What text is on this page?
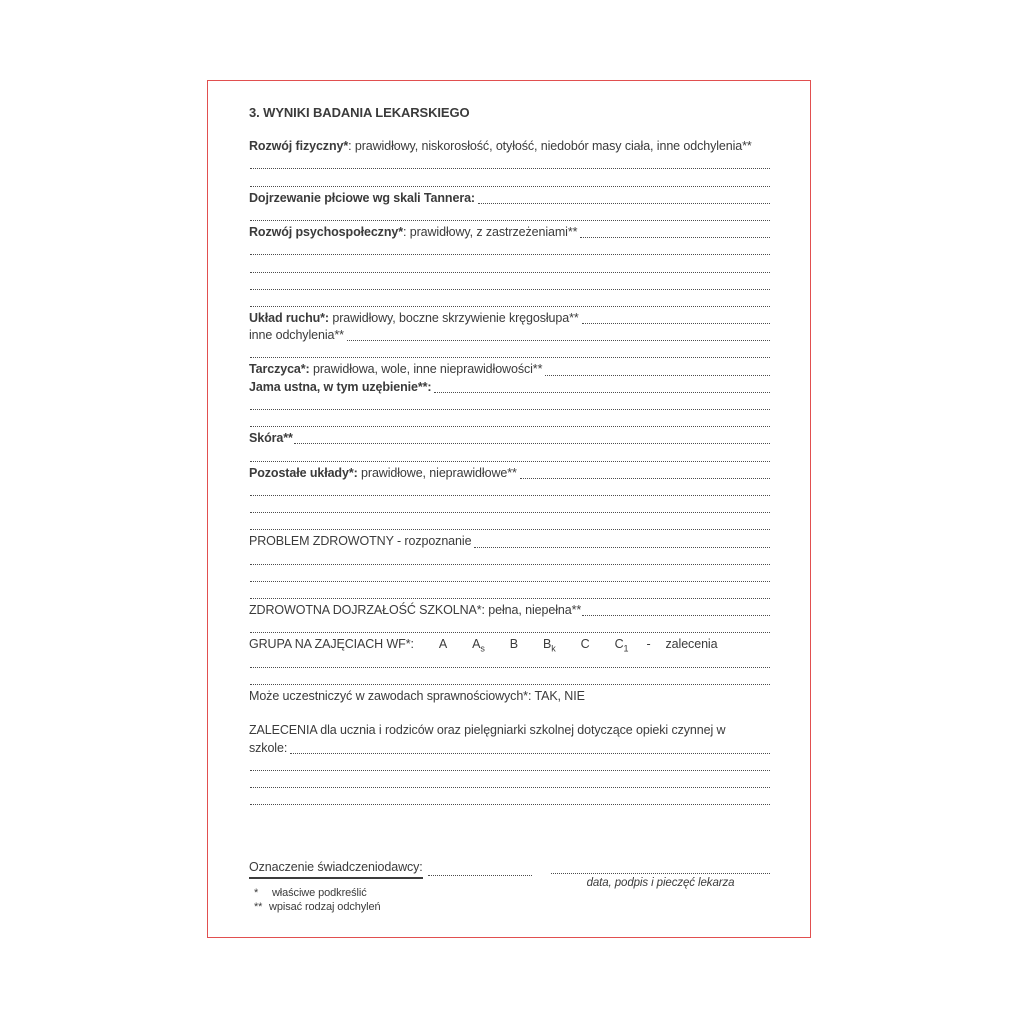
3. WYNIKI BADANIA LEKARSKIEGO
Rozwój fizyczny* : prawidłowy, niskorosłość, otyłość, niedobór masy ciała, inne odchylenia**
Dojrzewanie płciowe wg skali Tannera:
Rozwój psychospołeczny* : prawidłowy, z zastrzeżeniami**
Układ ruchu*: prawidłowy, boczne skrzywienie kręgosłupa**
inne odchylenia**
Tarczyca*: prawidłowa, wole, inne nieprawidłowości**
Jama ustna, w tym uzębienie**:
Skóra**
Pozostałe układy*: prawidłowe, nieprawidłowe**
PROBLEM ZDROWOTNY - rozpoznanie
ZDROWOTNA DOJRZAŁOŚĆ SZKOLNA*: pełna, niepełna**
GRUPA NA ZAJĘCIACH WF*: A $A_s$ B $B_k$ C $C_1$ - zalecenia
Może uczestniczyć w zawodach sprawnościowych*: TAK, NIE
ZALECENIA dla ucznia i rodziców oraz pielęgniarki szkolnej dotyczące opieki czynnej w
szkole:
Oznaczenie świadczeniodawcy:
* właściwe podkreślić
** wpisać rodzaj odchyleń
data, podpis i pieczęć lekarza
